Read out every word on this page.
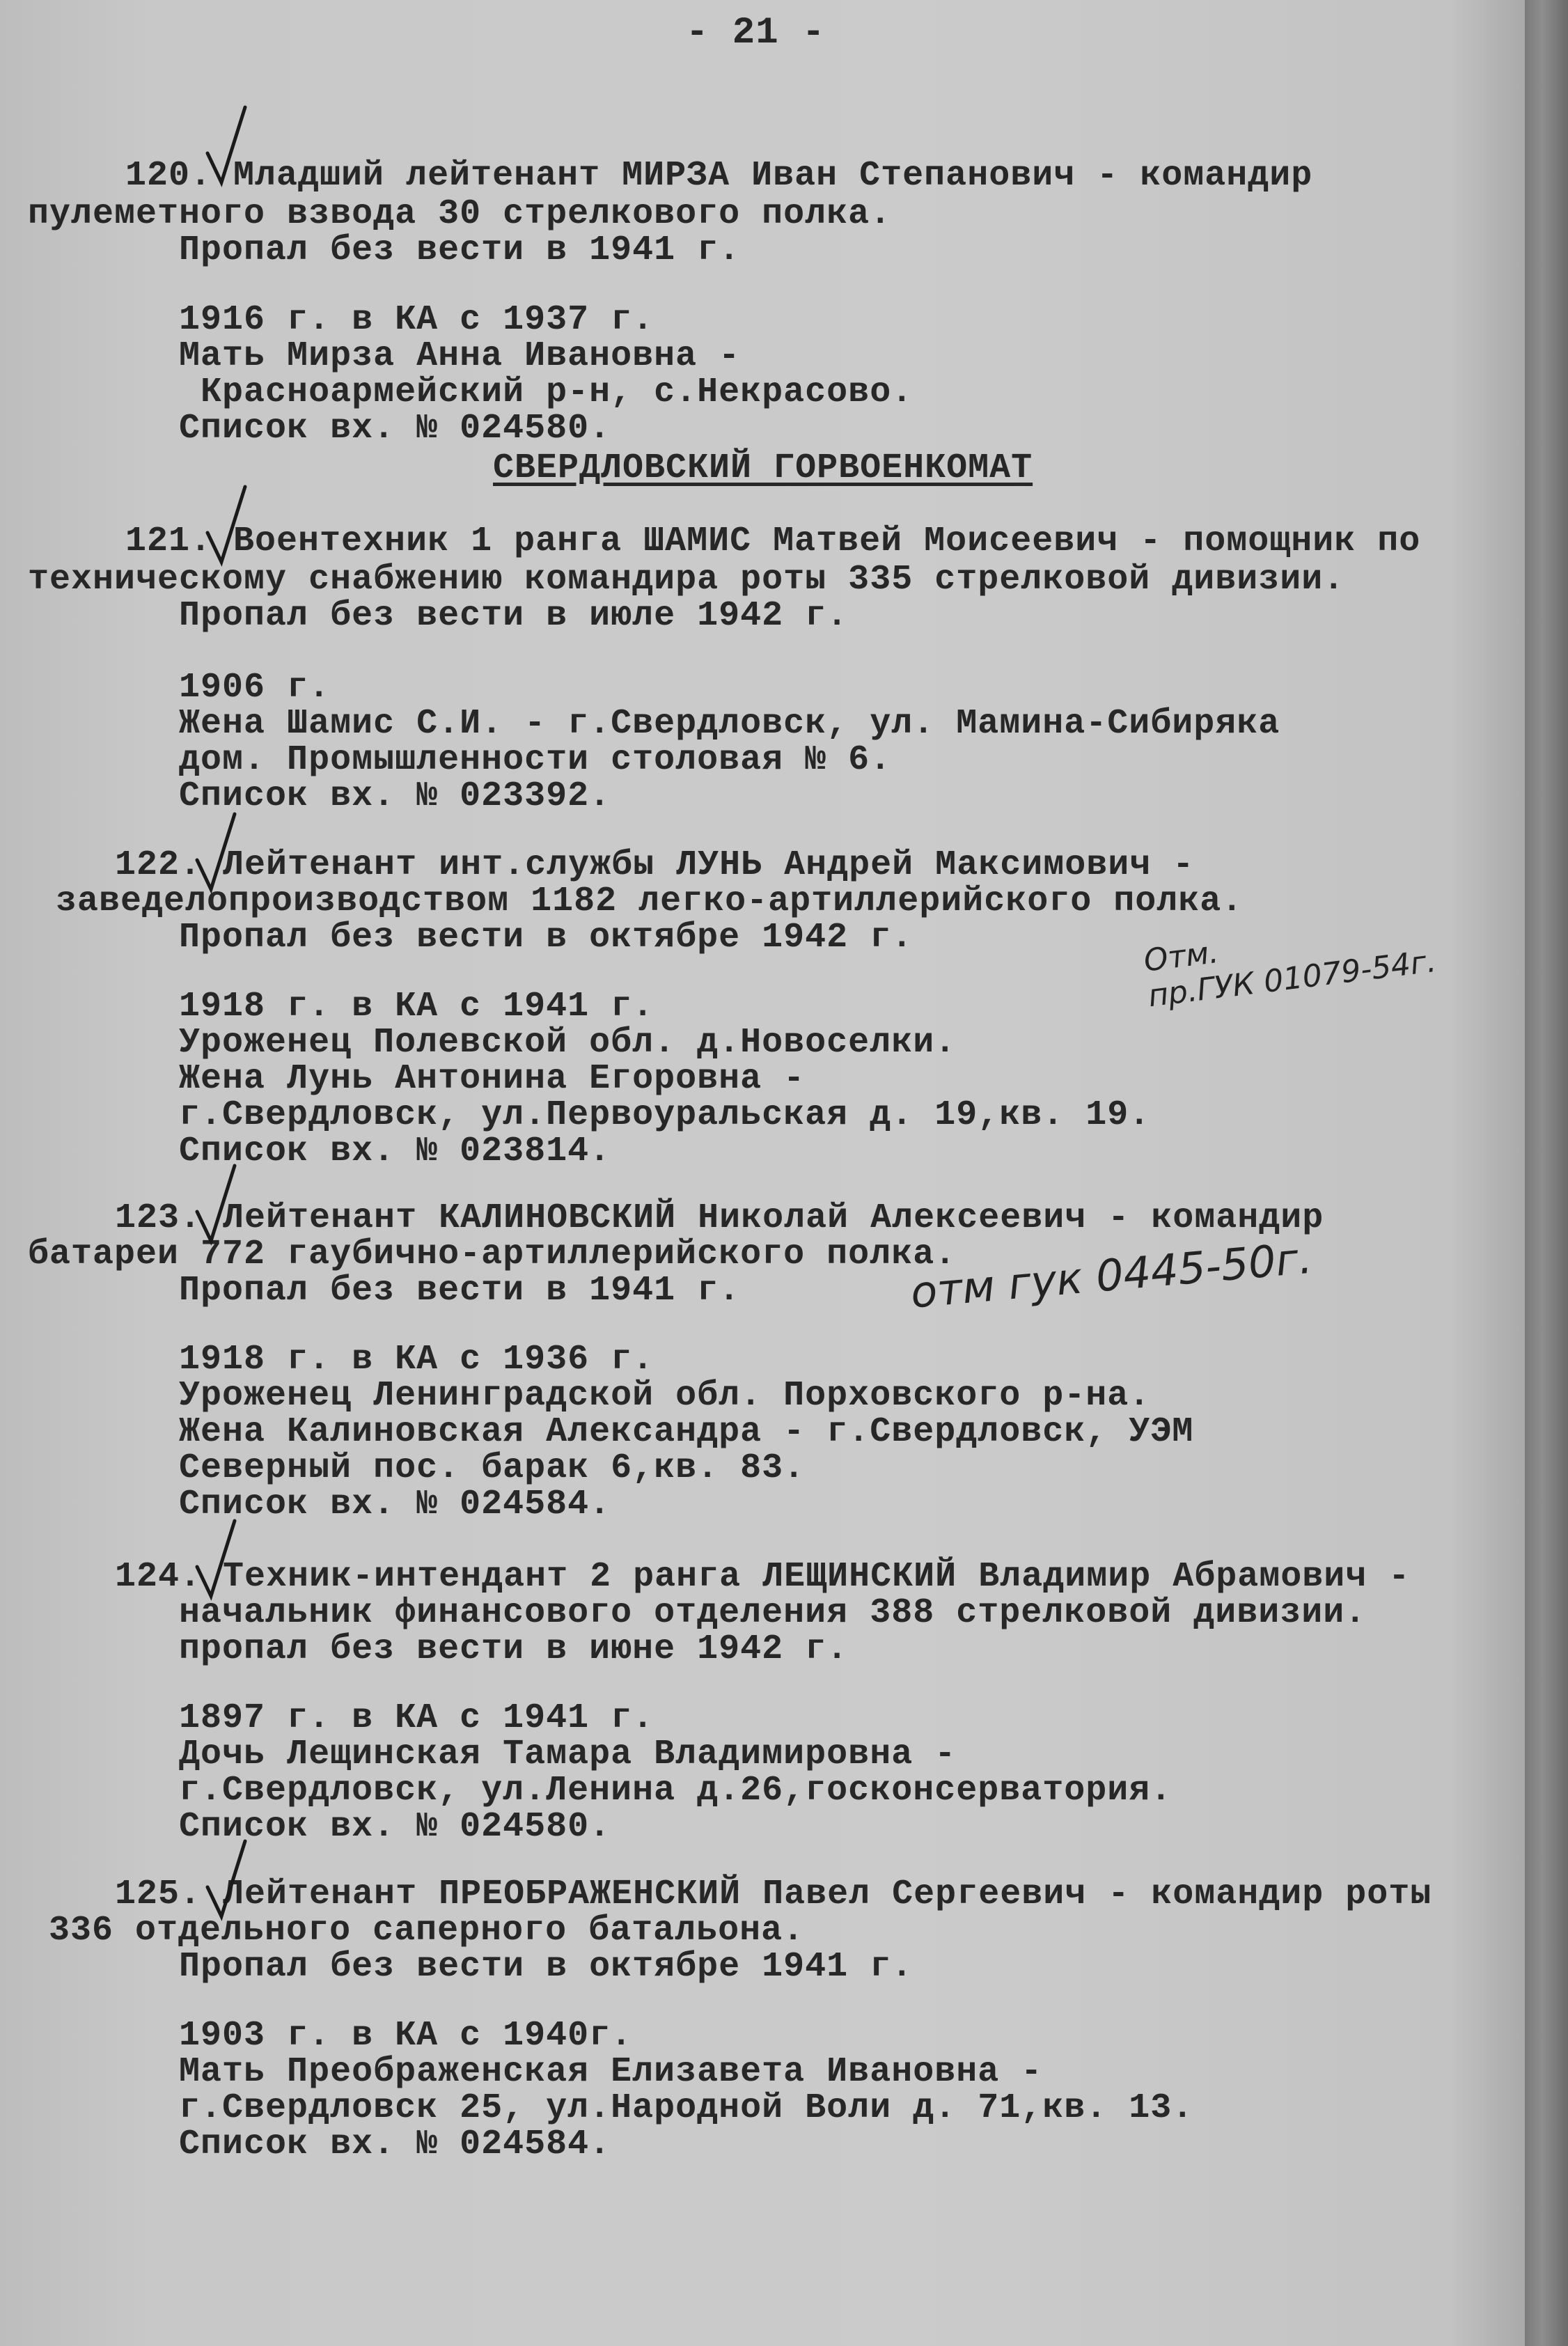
- 21 -
120. Младший лейтенант МИРЗА Иван Степанович - командир
пулеметного взвода 30 стрелкового полка.
Пропал без вести в 1941 г.
1916 г. в КА с 1937 г.
Мать Мирза Анна Ивановна -
Красноармейский р-н, с.Некрасово.
Список вх. № 024580.
СВЕРДЛОВСКИЙ ГОРВОЕНКОМАТ
121. Воентехник 1 ранга ШАМИС Матвей Моисеевич - помощник по
техническому снабжению командира роты 335 стрелковой дивизии.
Пропал без вести в июле 1942 г.
1906 г.
Жена Шамис С.И. - г.Свердловск, ул. Мамина-Сибиряка
дом. Промышленности столовая № 6.
Список вх. № 023392.
122. Лейтенант инт.службы ЛУНЬ Андрей Максимович -
заведелопроизводством 1182 легко-артиллерийского полка.
Пропал без вести в октябре 1942 г.
1918 г. в КА с 1941 г.
Уроженец Полевской обл. д.Новоселки.
Жена Лунь Антонина Егоровна -
г.Свердловск, ул.Первоуральская д. 19,кв. 19.
Список вх. № 023814.
123. Лейтенант КАЛИНОВСКИЙ Николай Алексеевич - командир
батареи 772 гаубично-артиллерийского полка.
Пропал без вести в 1941 г.
1918 г. в КА с 1936 г.
Уроженец Ленинградской обл. Порховского р-на.
Жена Калиновская Александра - г.Свердловск, УЭМ
Северный пос. барак 6,кв. 83.
Список вх. № 024584.
124. Техник-интендант 2 ранга ЛЕЩИНСКИЙ Владимир Абрамович -
начальник финансового отделения 388 стрелковой дивизии.
пропал без вести в июне 1942 г.
1897 г. в КА с 1941 г.
Дочь Лещинская Тамара Владимировна -
г.Свердловск, ул.Ленина д.26,госконсерватория.
Список вх. № 024580.
125. Лейтенант ПРЕОБРАЖЕНСКИЙ Павел Сергеевич - командир роты
336 отдельного саперного батальона.
Пропал без вести в октябре 1941 г.
1903 г. в КА с 1940г.
Мать Преображенская Елизавета Ивановна -
г.Свердловск 25, ул.Народной Воли д. 71,кв. 13.
Список вх. № 024584.
Отм.
пр.ГУК 01079-54г.
отм гук 0445-50г.
